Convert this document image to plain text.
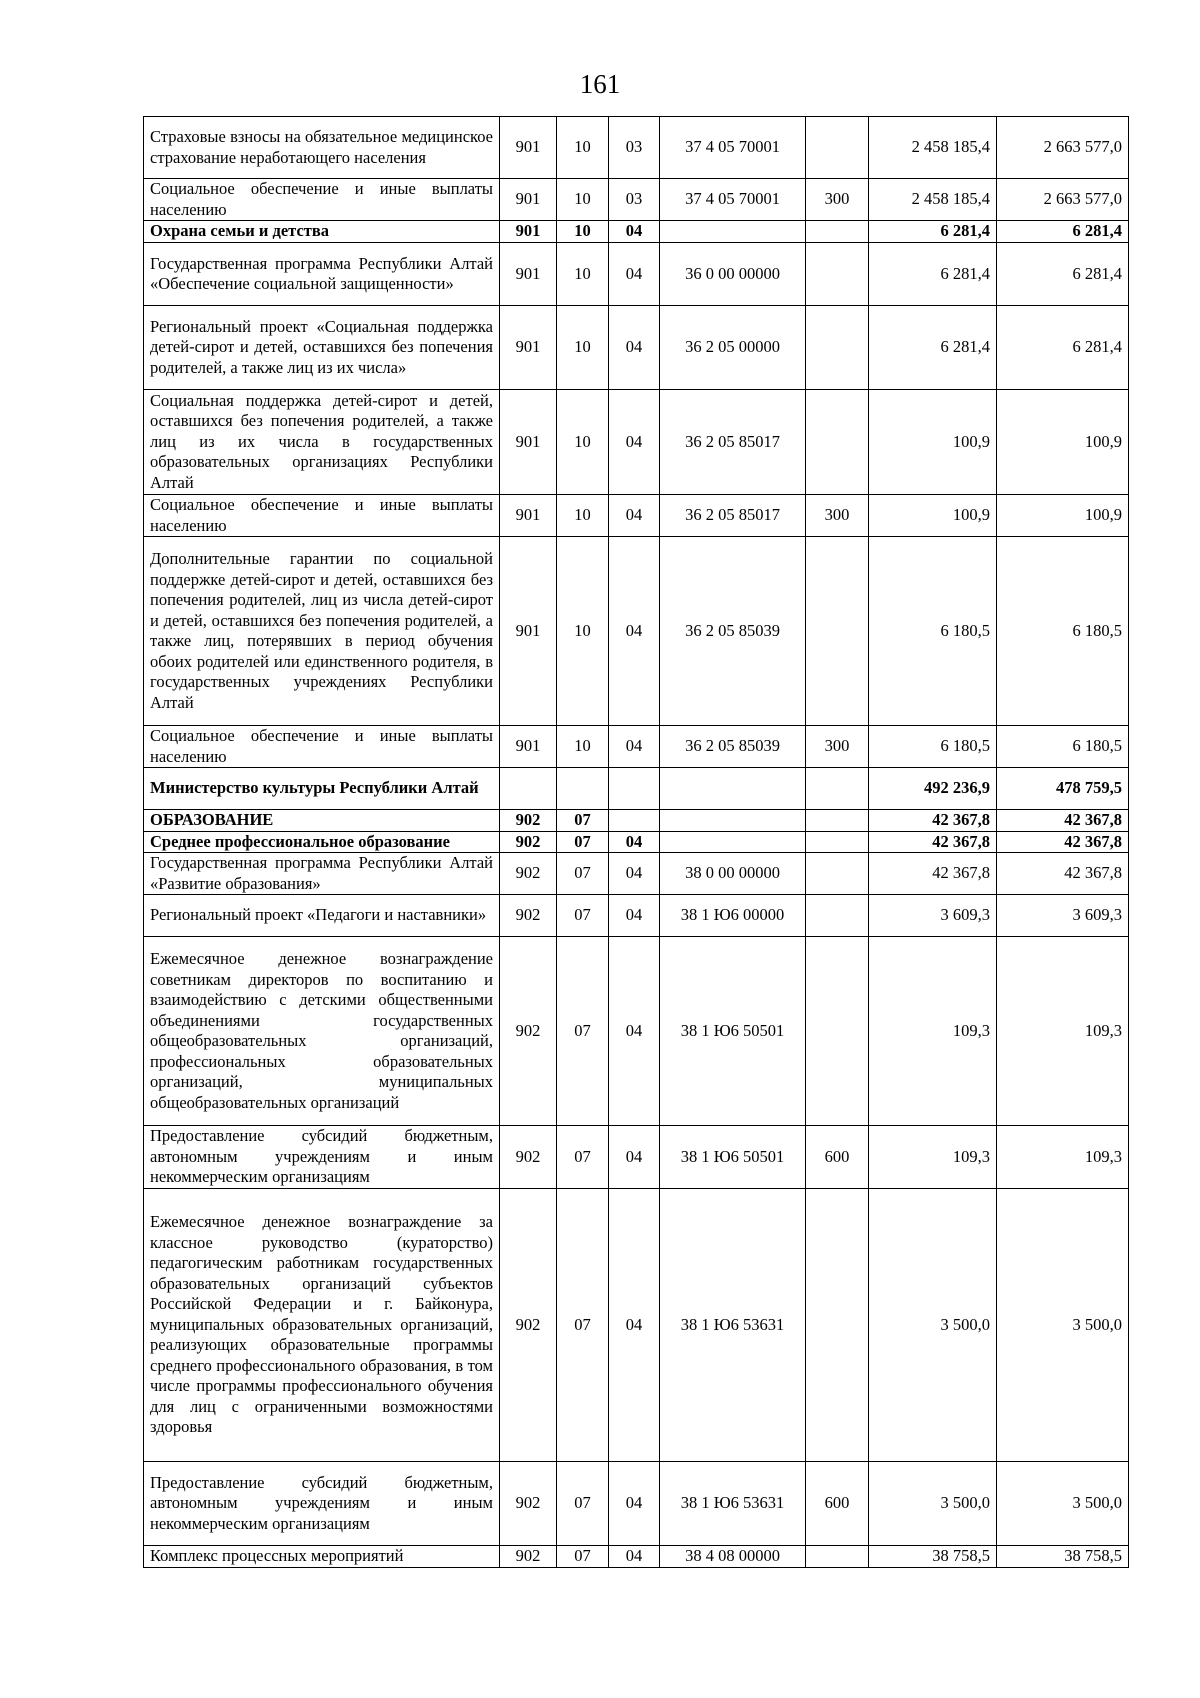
161
Страховые взносы на обязательное медицинское страхование неработающего населения	901	10	03	37 4 05 70001		2 458 185,4	2 663 577,0
Социальное обеспечение и иные выплаты населению	901	10	03	37 4 05 70001	300	2 458 185,4	2 663 577,0
Охрана семьи и детства	901	10	04			6 281,4	6 281,4
Государственная программа Республики Алтай «Обеспечение социальной защищенности»	901	10	04	36 0 00 00000		6 281,4	6 281,4
Региональный проект «Социальная поддержка детей-сирот и детей, оставшихся без попечения родителей, а также лиц из их числа»	901	10	04	36 2 05 00000		6 281,4	6 281,4
Социальная поддержка детей-сирот и детей, оставшихся без попечения родителей, а также лиц из их числа в государственных образовательных организациях Республики Алтай	901	10	04	36 2 05 85017		100,9	100,9
Социальное обеспечение и иные выплаты населению	901	10	04	36 2 05 85017	300	100,9	100,9
Дополнительные гарантии по социальной поддержке детей-сирот и детей, оставшихся без попечения родителей, лиц из числа детей-сирот и детей, оставшихся без попечения родителей, а также лиц, потерявших в период обучения обоих родителей или единственного родителя, в государственных учреждениях Республики Алтай	901	10	04	36 2 05 85039		6 180,5	6 180,5
Социальное обеспечение и иные выплаты населению	901	10	04	36 2 05 85039	300	6 180,5	6 180,5
Министерство культуры Республики Алтай						492 236,9	478 759,5
ОБРАЗОВАНИЕ	902	07				42 367,8	42 367,8
Среднее профессиональное образование	902	07	04			42 367,8	42 367,8
Государственная программа Республики Алтай «Развитие образования»	902	07	04	38 0 00 00000		42 367,8	42 367,8
Региональный проект «Педагоги и наставники»	902	07	04	38 1 Ю6 00000		3 609,3	3 609,3
Ежемесячное денежное вознаграждение советникам директоров по воспитанию и взаимодействию с детскими общественными объединениями государственных общеобразовательных организаций, профессиональных образовательных организаций, муниципальных общеобразовательных организаций	902	07	04	38 1 Ю6 50501		109,3	109,3
Предоставление субсидий бюджетным, автономным учреждениям и иным некоммерческим организациям	902	07	04	38 1 Ю6 50501	600	109,3	109,3
Ежемесячное денежное вознаграждение за классное руководство (кураторство) педагогическим работникам государственных образовательных организаций субъектов Российской Федерации и г. Байконура, муниципальных образовательных организаций, реализующих образовательные программы среднего профессионального образования, в том числе программы профессионального обучения для лиц с ограниченными возможностями здоровья	902	07	04	38 1 Ю6 53631		3 500,0	3 500,0
Предоставление субсидий бюджетным, автономным учреждениям и иным некоммерческим организациям	902	07	04	38 1 Ю6 53631	600	3 500,0	3 500,0
Комплекс процессных мероприятий	902	07	04	38 4 08 00000		38 758,5	38 758,5
